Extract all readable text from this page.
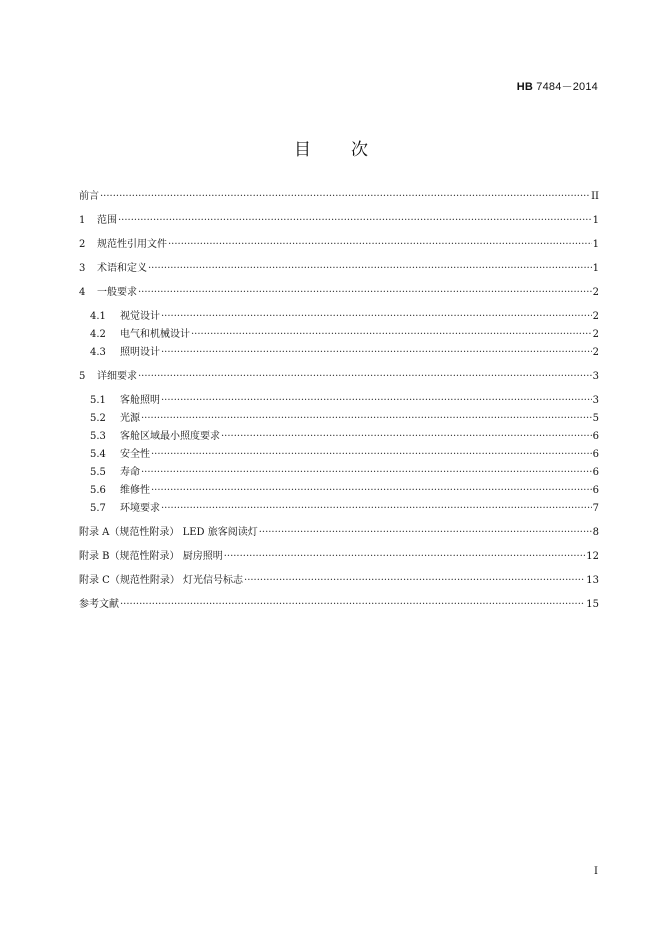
HB 7484－2014
目 次
前言 ·····	II
1	范围 ·····	1
2	规范性引用文件 ·····	1
3	术语和定义 ·····	1
4	一般要求 ·····	2
4.1	视觉设计 ·····	2
4.2	电气和机械设计 ·····	2
4.3	照明设计 ·····	2
5	详细要求 ·····	3
5.1	客舱照明 ·····	3
5.2	光源 ·····	5
5.3	客舱区域最小照度要求 ·····	6
5.4	安全性 ·····	6
5.5	寿命 ·····	6
5.6	维修性 ·····	6
5.7	环境要求 ·····	7
附录 A（规范性附录） LED 旅客阅读灯 ·····	8
附录 B（规范性附录） 厨房照明 ·····	12
附录 C（规范性附录） 灯光信号标志 ·····	13
参考文献 ·····	15
I
